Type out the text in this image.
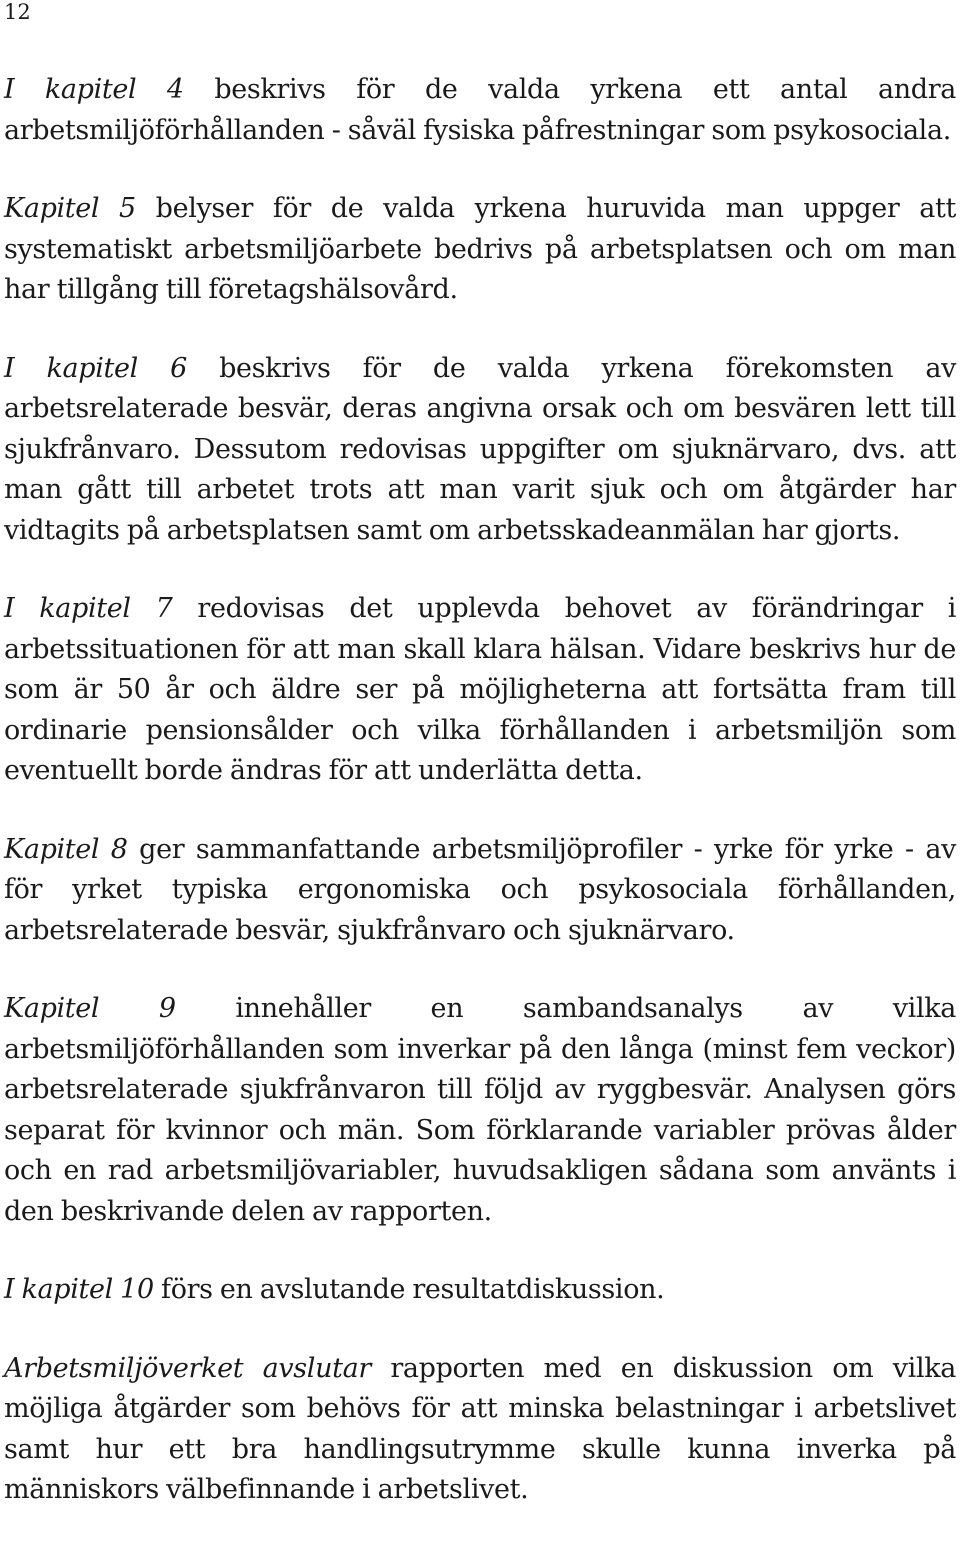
12

I kapitel 4 beskrivs för de valda yrkena ett antal andra arbetsmiljöförhållanden - såväl fysiska påfrestningar som psykosociala.

Kapitel 5 belyser för de valda yrkena huruvida man uppger att systematiskt arbetsmiljöarbete bedrivs på arbetsplatsen och om man har tillgång till företagshälsovård.

I kapitel 6 beskrivs för de valda yrkena förekomsten av arbetsrelaterade besvär, deras angivna orsak och om besvären lett till sjukfrånvaro. Dessutom redovisas uppgifter om sjuknärvaro, dvs. att man gått till arbetet trots att man varit sjuk och om åtgärder har vidtagits på arbetsplatsen samt om arbetsskadeanmälan har gjorts.

I kapitel 7 redovisas det upplevda behovet av förändringar i arbetssituationen för att man skall klara hälsan. Vidare beskrivs hur de som är 50 år och äldre ser på möjligheterna att fortsätta fram till ordinarie pensionsålder och vilka förhållanden i arbetsmiljön som eventuellt borde ändras för att underlätta detta.

Kapitel 8 ger sammanfattande arbetsmiljöprofiler - yrke för yrke - av för yrket typiska ergonomiska och psykosociala förhållanden, arbetsrelaterade besvär, sjukfrånvaro och sjuknärvaro.

Kapitel 9 innehåller en sambandsanalys av vilka arbetsmiljöförhållanden som inverkar på den långa (minst fem veckor) arbetsrelaterade sjukfrånvaron till följd av ryggbesvär. Analysen görs separat för kvinnor och män. Som förklarande variabler prövas ålder och en rad arbetsmiljövariabler, huvudsakligen sådana som använts i den beskrivande delen av rapporten.

I kapitel 10 förs en avslutande resultatdiskussion.

Arbetsmiljöverket avslutar rapporten med en diskussion om vilka möjliga åtgärder som behövs för att minska belastningar i arbetslivet samt hur ett bra handlingsutrymme skulle kunna inverka på människors välbefinnande i arbetslivet.
